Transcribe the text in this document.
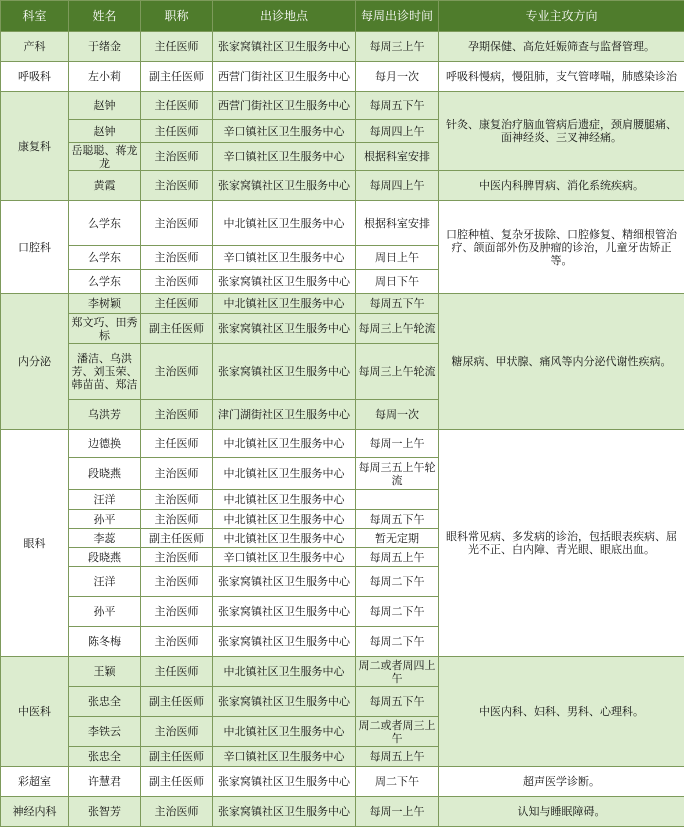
科室	姓名	职称	出诊地点	每周出诊时间	专业主攻方向
产科	于绪金	主任医师	张家窝镇社区卫生服务中心	每周三上午	孕期保健、高危妊娠筛查与监督管理。
呼吸科	左小莉	副主任医师	西营门街社区卫生服务中心	每月一次	呼吸科慢病，慢阻肺，支气管哮喘，肺感染诊治
康复科	赵钟	主任医师	西营门街社区卫生服务中心	每周五下午	针灸、康复治疗脑血管病后遗症，颈肩腰腿痛、面神经炎、三叉神经痛。
	赵钟	主任医师	辛口镇社区卫生服务中心	每周四上午	
	岳聪聪、蒋龙龙	主治医师	辛口镇社区卫生服务中心	根据科室安排	
	黄霞	主治医师	张家窝镇社区卫生服务中心	每周四上午	中医内科脾胃病、消化系统疾病。
口腔科	么学东	主治医师	中北镇社区卫生服务中心	根据科室安排	口腔种植、复杂牙拔除、口腔修复、精细根管治疗、颌面部外伤及肿瘤的诊治，儿童牙齿矫正等。
	么学东	主治医师	辛口镇社区卫生服务中心	周日上午	
	么学东	主治医师	张家窝镇社区卫生服务中心	周日下午	
内分泌	李树颖	主任医师	中北镇社区卫生服务中心	每周五下午	糖尿病、甲状腺、痛风等内分泌代谢性疾病。
	郑文巧、田秀标	副主任医师	张家窝镇社区卫生服务中心	每周三上午轮流	
	潘洁、乌洪芳、刘玉荣、韩苗苗、郑洁	主治医师	张家窝镇社区卫生服务中心	每周三上午轮流	
	乌洪芳	主治医师	津门湖街社区卫生服务中心	每周一次	
眼科	边德换	主任医师	中北镇社区卫生服务中心	每周一上午	眼科常见病、多发病的诊治，包括眼表疾病、屈光不正、白内障、青光眼、眼底出血。
	段晓燕	主治医师	中北镇社区卫生服务中心	每周三五上午轮流	
	汪洋	主治医师	中北镇社区卫生服务中心		
	孙平	主治医师	中北镇社区卫生服务中心	每周五下午	
	李蕊	副主任医师	中北镇社区卫生服务中心	暂无定期	
	段晓燕	主治医师	辛口镇社区卫生服务中心	每周五上午	
	汪洋	主治医师	张家窝镇社区卫生服务中心	每周二下午	
	孙平	主治医师	张家窝镇社区卫生服务中心	每周二下午	
	陈冬梅	主治医师	张家窝镇社区卫生服务中心	每周二下午	
中医科	王颖	主任医师	中北镇社区卫生服务中心	周二或者周四上午	中医内科、妇科、男科、心理科。
	张忠全	副主任医师	张家窝镇社区卫生服务中心	每周五下午	
	李铁云	主治医师	中北镇社区卫生服务中心	周二或者周三上午	
	张忠全	副主任医师	辛口镇社区卫生服务中心	每周五上午	
彩超室	许慧君	副主任医师	张家窝镇社区卫生服务中心	周二下午	超声医学诊断。
神经内科	张智芳	主治医师	张家窝镇社区卫生服务中心	每周一上午	认知与睡眠障碍。
